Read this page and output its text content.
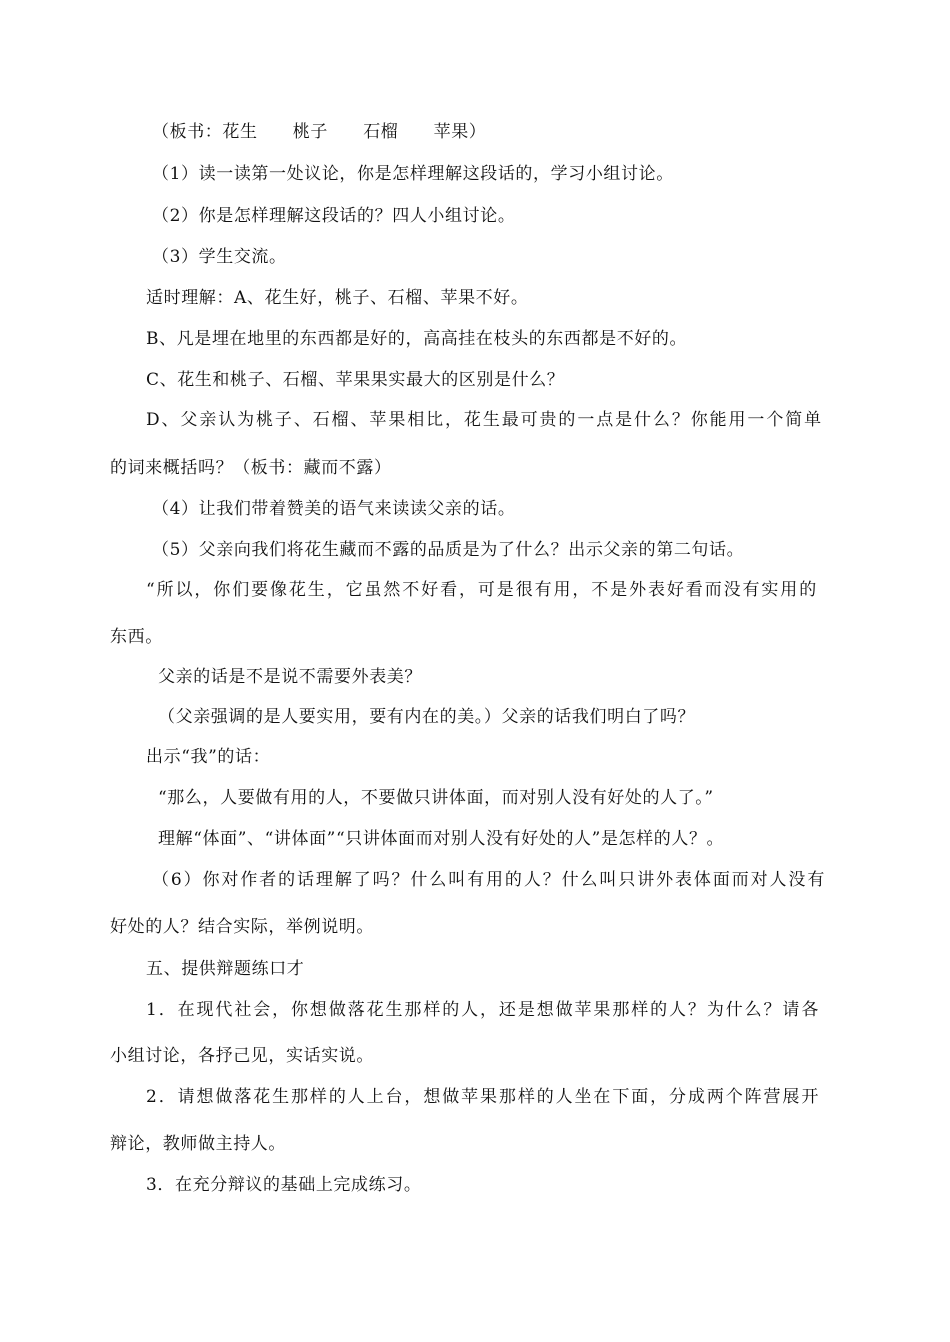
（板书：花生　　桃子　　石榴　　苹果）
（1）读一读第一处议论，你是怎样理解这段话的，学习小组讨论。
（2）你是怎样理解这段话的？四人小组讨论。
（3）学生交流。
适时理解：A、花生好，桃子、石榴、苹果不好。
B、凡是埋在地里的东西都是好的，高高挂在枝头的东西都是不好的。
C、花生和桃子、石榴、苹果果实最大的区别是什么？
D、父亲认为桃子、石榴、苹果相比，花生最可贵的一点是什么？你能用一个简单
的词来概括吗？（板书：藏而不露）
（4）让我们带着赞美的语气来读读父亲的话。
（5）父亲向我们将花生藏而不露的品质是为了什么？出示父亲的第二句话。
“所以，你们要像花生，它虽然不好看，可是很有用，不是外表好看而没有实用的
东西。
父亲的话是不是说不需要外表美？
（父亲强调的是人要实用，要有内在的美。）父亲的话我们明白了吗？
出示“我”的话：
“那么，人要做有用的人，不要做只讲体面，而对别人没有好处的人了。”
理解“体面”、“讲体面”“只讲体面而对别人没有好处的人”是怎样的人？。
（6）你对作者的话理解了吗？什么叫有用的人？什么叫只讲外表体面而对人没有
好处的人？结合实际，举例说明。
五、提供辩题练口才
1．在现代社会，你想做落花生那样的人，还是想做苹果那样的人？为什么？请各
小组讨论，各抒己见，实话实说。
2．请想做落花生那样的人上台，想做苹果那样的人坐在下面，分成两个阵营展开
辩论，教师做主持人。
3．在充分辩议的基础上完成练习。
